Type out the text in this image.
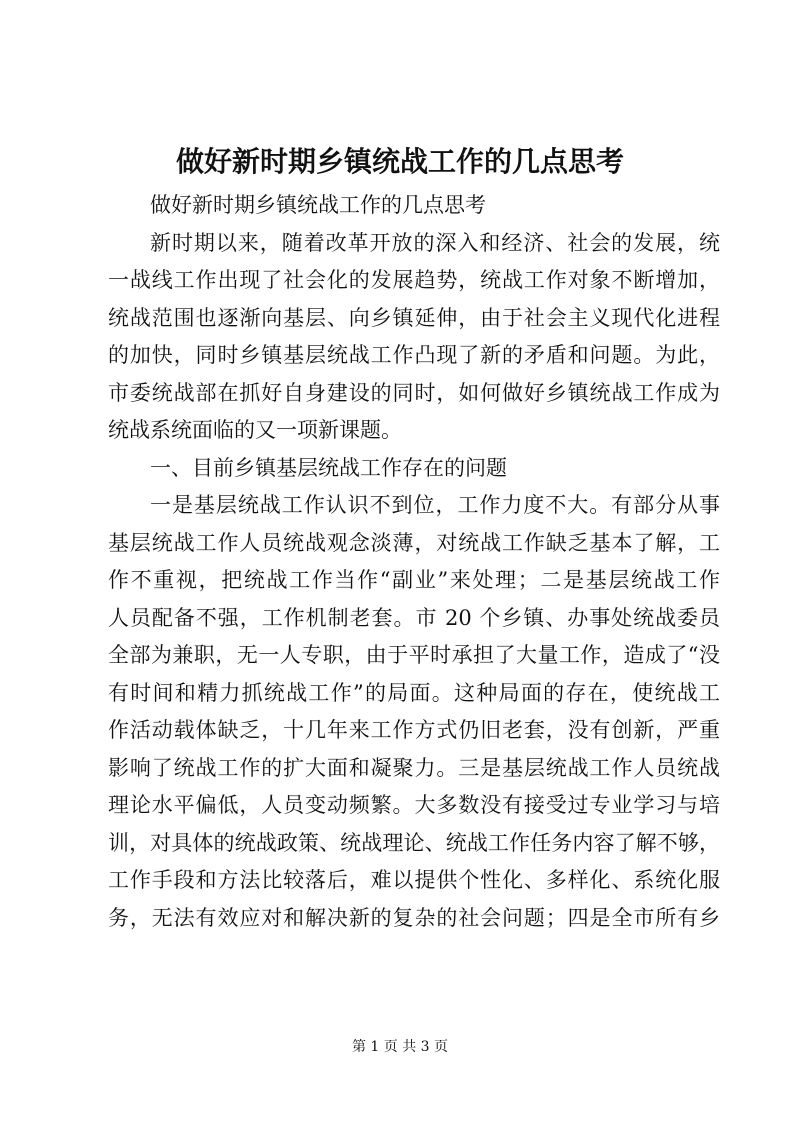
做好新时期乡镇统战工作的几点思考
做好新时期乡镇统战工作的几点思考
新时期以来，随着改革开放的深入和经济、社会的发展，统
一战线工作出现了社会化的发展趋势，统战工作对象不断增加，
统战范围也逐渐向基层、向乡镇延伸，由于社会主义现代化进程
的加快，同时乡镇基层统战工作凸现了新的矛盾和问题。为此，
市委统战部在抓好自身建设的同时，如何做好乡镇统战工作成为
统战系统面临的又一项新课题。
一、目前乡镇基层统战工作存在的问题
一是基层统战工作认识不到位，工作力度不大。有部分从事
基层统战工作人员统战观念淡薄，对统战工作缺乏基本了解，工
作不重视，把统战工作当作“副业”来处理；二是基层统战工作
人员配备不强，工作机制老套。市 20 个乡镇、办事处统战委员
全部为兼职，无一人专职，由于平时承担了大量工作，造成了“没
有时间和精力抓统战工作”的局面。这种局面的存在，使统战工
作活动载体缺乏，十几年来工作方式仍旧老套，没有创新，严重
影响了统战工作的扩大面和凝聚力。三是基层统战工作人员统战
理论水平偏低，人员变动频繁。大多数没有接受过专业学习与培
训，对具体的统战政策、统战理论、统战工作任务内容了解不够，
工作手段和方法比较落后，难以提供个性化、多样化、系统化服
务，无法有效应对和解决新的复杂的社会问题；四是全市所有乡
第 1 页 共 3 页
